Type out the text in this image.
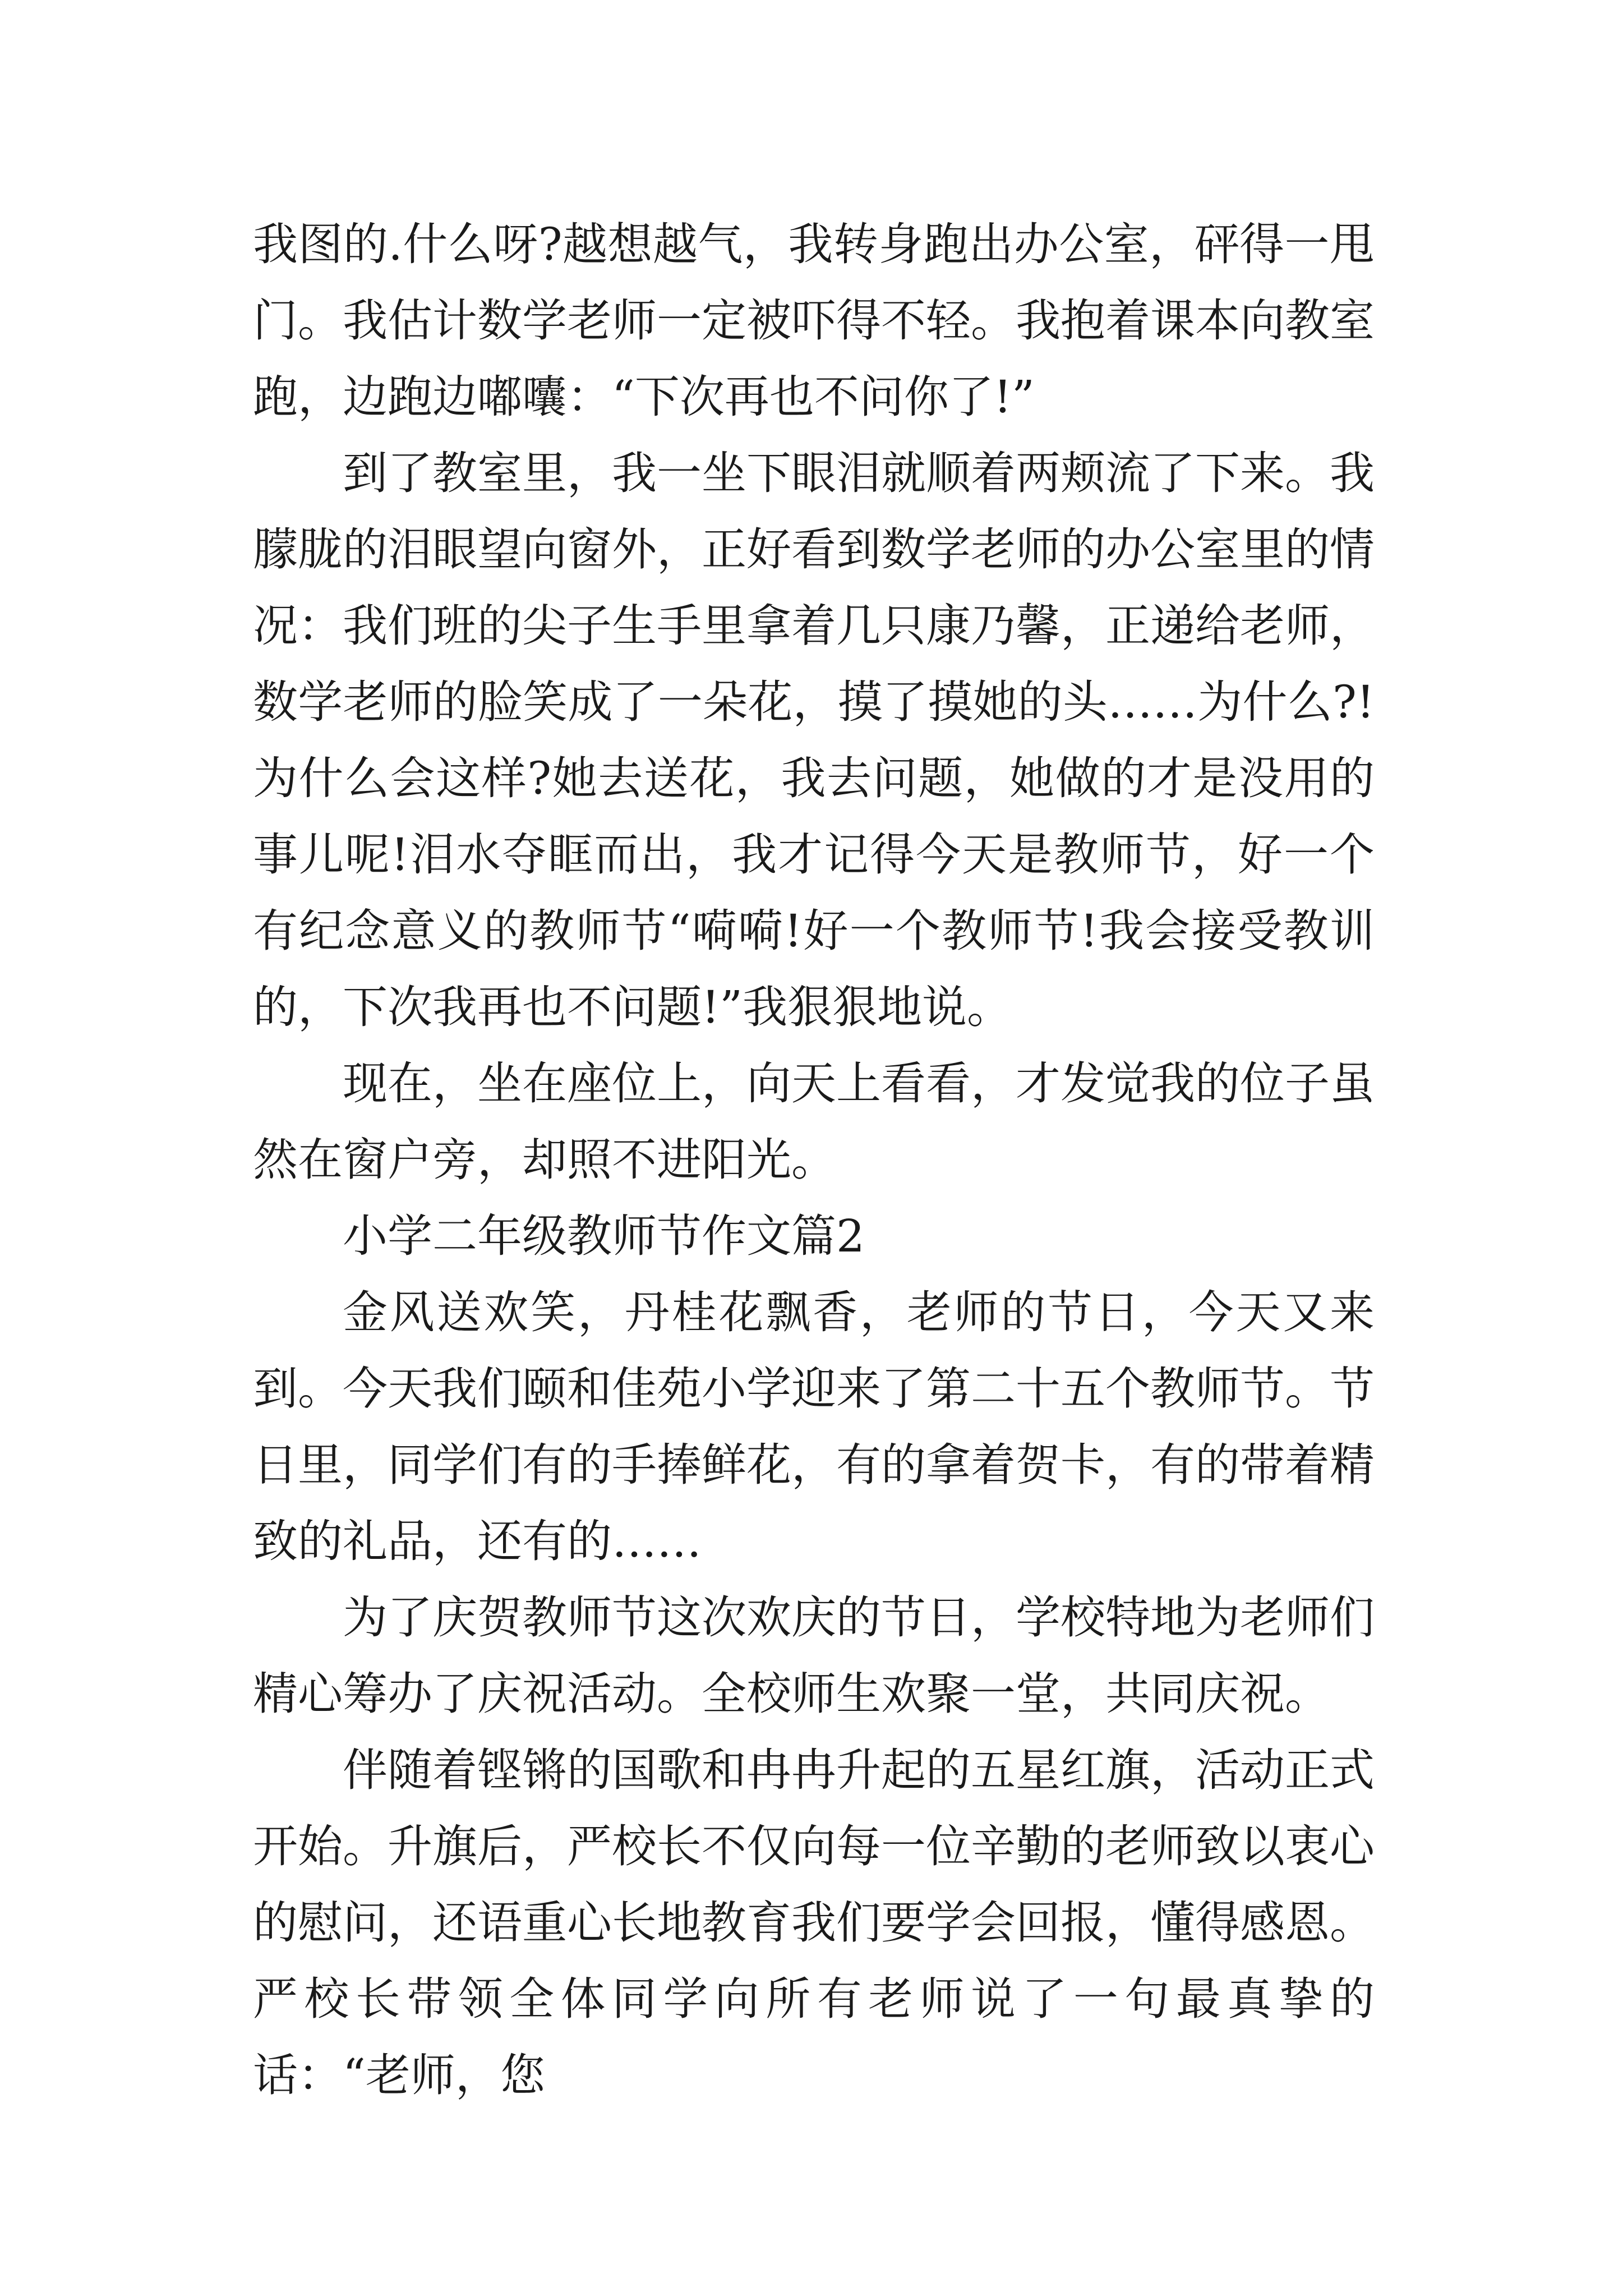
我图的.什么呀?越想越气，我转身跑出办公室，砰得一甩门。我估计数学老师一定被吓得不轻。我抱着课本向教室跑，边跑边嘟囔：“下次再也不问你了!”

到了教室里，我一坐下眼泪就顺着两颊流了下来。我朦胧的泪眼望向窗外，正好看到数学老师的办公室里的情况：我们班的尖子生手里拿着几只康乃馨，正递给老师，数学老师的脸笑成了一朵花，摸了摸她的头……为什么?!为什么会这样?她去送花，我去问题，她做的才是没用的事儿呢!泪水夺眶而出，我才记得今天是教师节，好一个有纪念意义的教师节“嗬嗬!好一个教师节!我会接受教训的，下次我再也不问题!”我狠狠地说。

现在，坐在座位上，向天上看看，才发觉我的位子虽然在窗户旁，却照不进阳光。

小学二年级教师节作文篇2

金风送欢笑，丹桂花飘香，老师的节日，今天又来到。今天我们颐和佳苑小学迎来了第二十五个教师节。节日里，同学们有的手捧鲜花，有的拿着贺卡，有的带着精致的礼品，还有的……

为了庆贺教师节这次欢庆的节日，学校特地为老师们精心筹办了庆祝活动。全校师生欢聚一堂，共同庆祝。

伴随着铿锵的国歌和冉冉升起的五星红旗，活动正式开始。升旗后，严校长不仅向每一位辛勤的老师致以衷心的慰问，还语重心长地教育我们要学会回报，懂得感恩。严校长带领全体同学向所有老师说了一句最真挚的话：“老师，您
